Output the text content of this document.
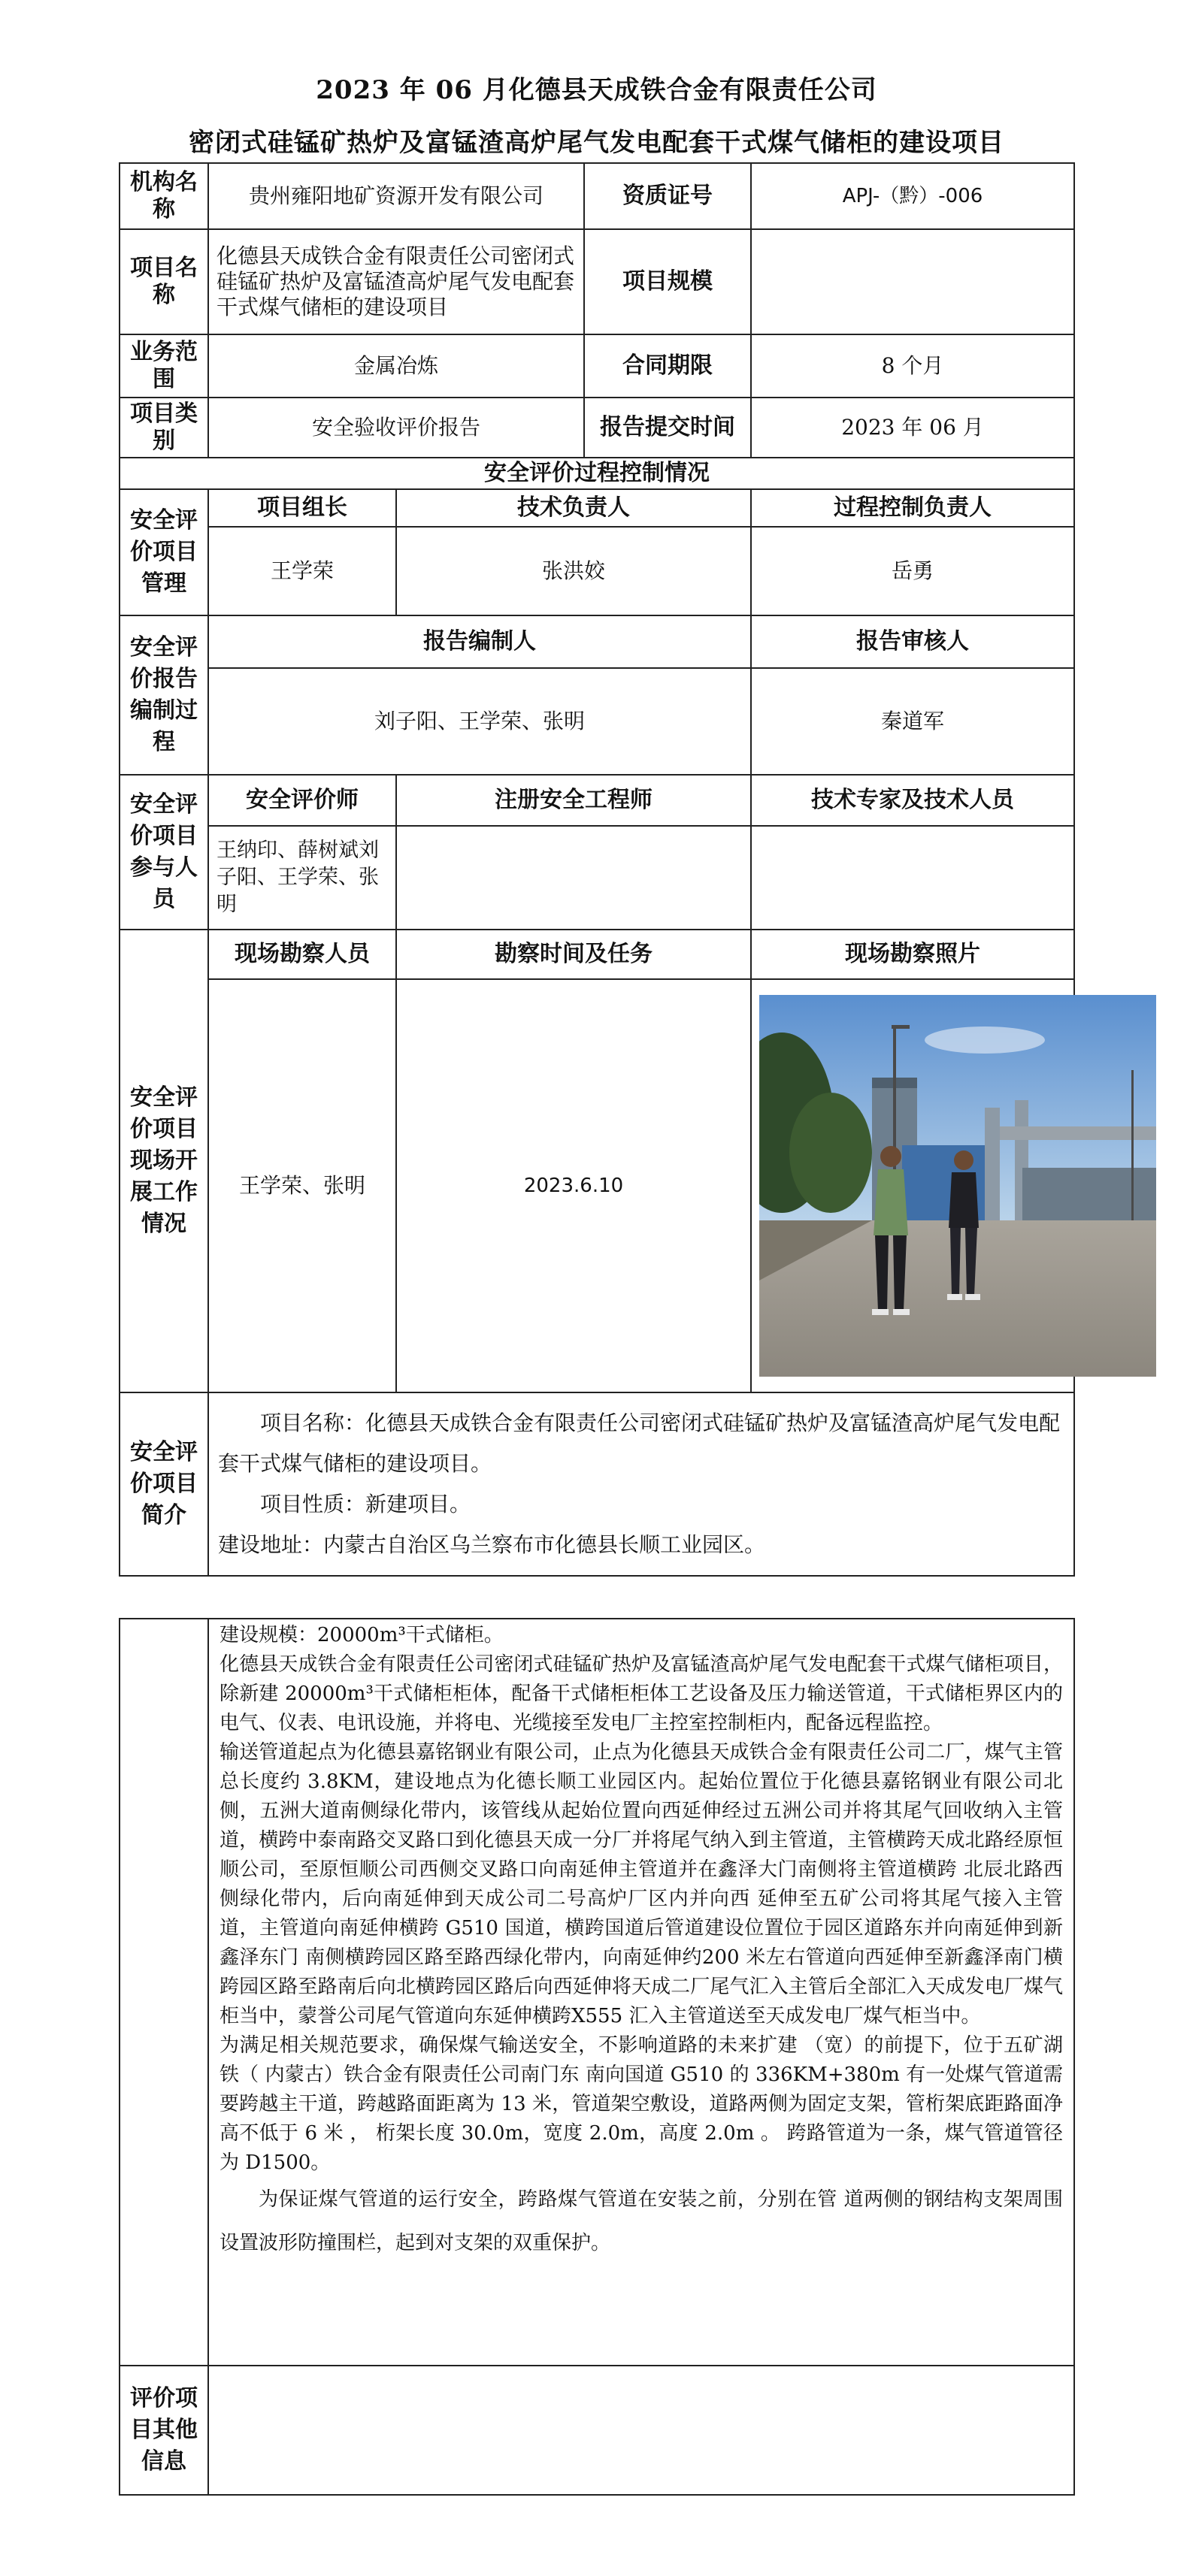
2023 年 06 月化德县天成铁合金有限责任公司
密闭式硅锰矿热炉及富锰渣高炉尾气发电配套干式煤气储柜的建设项目
机构名称	贵州雍阳地矿资源开发有限公司		资质证号	APJ-（黔）-006
项目名称	化德县天成铁合金有限责任公司密闭式硅锰矿热炉及富锰渣高炉尾气发电配套干式煤气储柜的建设项目		项目规模	
业务范围	金属冶炼		合同期限	8 个月
项目类别	安全验收评价报告		报告提交时间	2023 年 06 月
安全评价过程控制情况				
安全评价项目管理	项目组长	技术负责人		过程控制负责人
	王学荣	张洪姣		岳勇
安全评价报告编制过程	报告编制人			报告审核人
	刘子阳、王学荣、张明			秦道军
安全评价项目参与人员	安全评价师	注册安全工程师		技术专家及技术人员
	王纳印、薛树斌刘子阳、王学荣、张明			
安全评价项目现场开展工作情况	现场勘察人员	勘察时间及任务		现场勘察照片
	王学荣、张明	2023.6.10	

安全评价项目简介	项目名称：化德县天成铁合金有限责任公司密闭式硅锰矿热炉及富锰渣高炉尾气发电配套干式煤气储柜的建设项目。

项目性质：新建项目。

建设地址：内蒙古自治区乌兰察布市化德县长顺工业园区。			

	建设规模：20000m³干式储柜。

化德县天成铁合金有限责任公司密闭式硅锰矿热炉及富锰渣高炉尾气发电配套干式煤气储柜项目，除新建 20000m³干式储柜柜体，配备干式储柜柜体工艺设备及压力输送管道，干式储柜界区内的电气、仪表、电讯设施，并将电、光缆接至发电厂主控室控制柜内，配备远程监控。

输送管道起点为化德县嘉铭钢业有限公司，止点为化德县天成铁合金有限责任公司二厂，煤气主管总长度约 3.8KM，建设地点为化德长顺工业园区内。起始位置位于化德县嘉铭钢业有限公司北侧，五洲大道南侧绿化带内，该管线从起始位置向西延伸经过五洲公司并将其尾气回收纳入主管道，横跨中泰南路交叉路口到化德县天成一分厂并将尾气纳入到主管道，主管横跨天成北路经原恒顺公司，至原恒顺公司西侧交叉路口向南延伸主管道并在鑫泽大门南侧将主管道横跨 北辰北路西侧绿化带内，后向南延伸到天成公司二号高炉厂区内并向西 延伸至五矿公司将其尾气接入主管道，主管道向南延伸横跨 G510 国道，横跨国道后管道建设位置位于园区道路东并向南延伸到新鑫泽东门 南侧横跨园区路至路西绿化带内，向南延伸约200 米左右管道向西延伸至新鑫泽南门横跨园区路至路南后向北横跨园区路后向西延伸将天成二厂尾气汇入主管后全部汇入天成发电厂煤气柜当中，蒙誉公司尾气管道向东延伸横跨X555 汇入主管道送至天成发电厂煤气柜当中。

为满足相关规范要求，确保煤气输送安全，不影响道路的未来扩建 （宽）的前提下，位于五矿湖铁（ 内蒙古）铁合金有限责任公司南门东 南向国道 G510 的 336KM+380m 有一处煤气管道需要跨越主干道，跨越路面距离为 13 米，管道架空敷设，道路两侧为固定支架，管桁架底距路面净高不低于 6 米 ， 桁架长度 30.0m，宽度 2.0m，高度 2.0m 。 跨路管道为一条，煤气管道管径为 D1500。

为保证煤气管道的运行安全，跨路煤气管道在安装之前，分别在管 道两侧的钢结构支架周围设置波形防撞围栏，起到对支架的双重保护。

评价项目其他信息	
